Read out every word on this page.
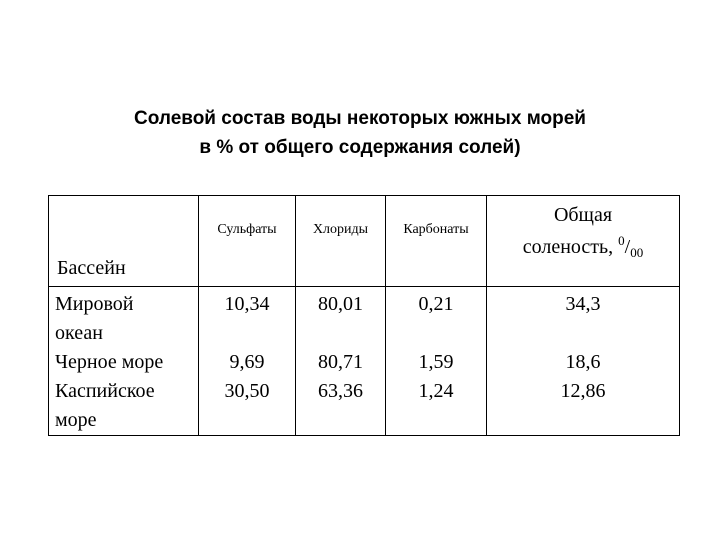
Солевой состав воды некоторых южных морей
в % от общего содержания солей)
Бассейн	Сульфаты	Хлориды	Карбонаты	Общая
соленость, $^0/_{00}$

Мировой
океан	10,34	80,01	0,21	34,3

Черное море	9,69	80,71	1,59	18,6

Каспийское
море	30,50	63,36	1,24	12,86
